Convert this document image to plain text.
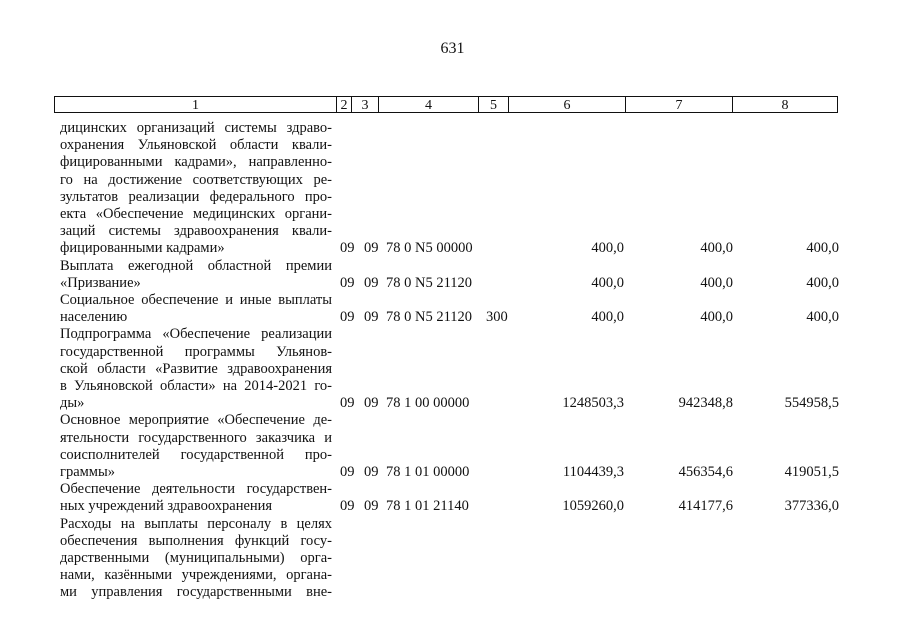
631
1	2	3	4	5	6	7	8
дицинских организаций системы здраво-
охранения Ульяновской области квали-
фицированными кадрами», направленно-
го на достижение соответствующих ре-
зультатов реализации федерального про-
екта «Обеспечение медицинских органи-
заций системы здравоохранения квали-
фицированными кадрами»	09 09 78 0 N5 00000	400,0	400,0	400,0
Выплата ежегодной областной премии
«Призвание»	09 09 78 0 N5 21120	400,0	400,0	400,0
Социальное обеспечение и иные выплаты
населению	09 09 78 0 N5 21120 300	400,0	400,0	400,0
Подпрограмма «Обеспечение реализации
государственной программы Ульянов-
ской области «Развитие здравоохранения
в Ульяновской области» на 2014-2021 го-
ды»	09 09 78 1 00 00000	1248503,3	942348,8	554958,5
Основное мероприятие «Обеспечение де-
ятельности государственного заказчика и
соисполнителей государственной про-
граммы»	09 09 78 1 01 00000	1104439,3	456354,6	419051,5
Обеспечение деятельности государствен-
ных учреждений здравоохранения	09 09 78 1 01 21140	1059260,0	414177,6	377336,0
Расходы на выплаты персоналу в целях
обеспечения выполнения функций госу-
дарственными (муниципальными) орга-
нами, казёнными учреждениями, органа-
ми управления государственными вне-
